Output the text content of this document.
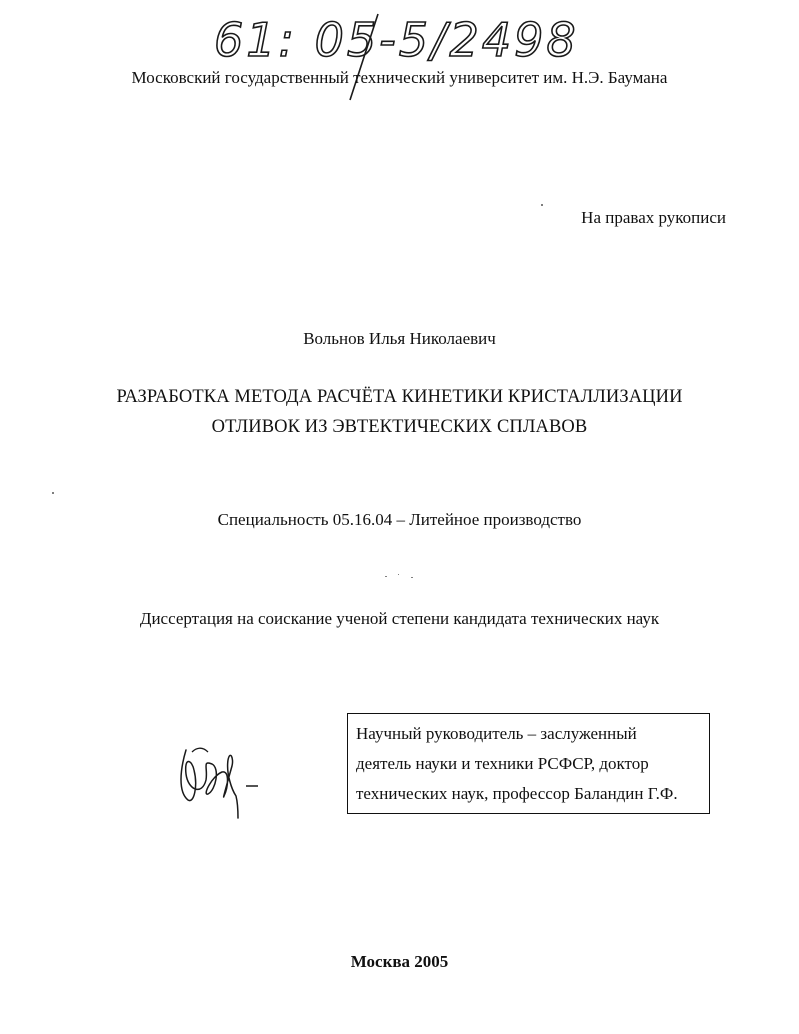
61: 05-5/2498
Московский государственный технический университет им. Н.Э. Баумана
На правах рукописи
Вольнов Илья Николаевич
РАЗРАБОТКА МЕТОДА РАСЧЁТА КИНЕТИКИ КРИСТАЛЛИЗАЦИИ
ОТЛИВОК ИЗ ЭВТЕКТИЧЕСКИХ СПЛАВОВ
Специальность 05.16.04 – Литейное производство
Диссертация на соискание ученой степени кандидата технических наук
Научный руководитель – заслуженный
деятель науки и техники РСФСР, доктор
технических наук, профессор Баландин Г.Ф.
Москва 2005
